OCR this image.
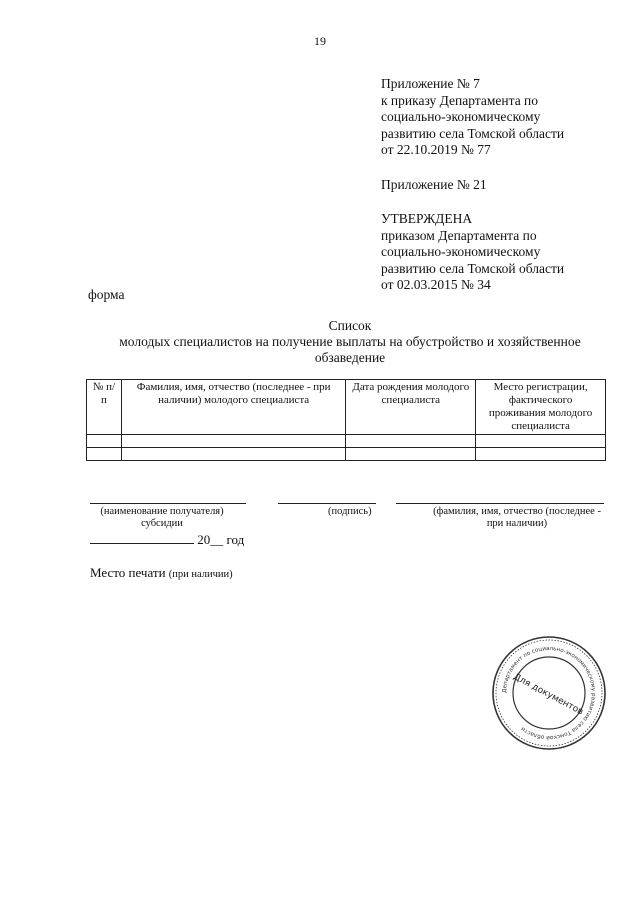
19
Приложение № 7
к приказу Департамента по
социально-экономическому
развитию села Томской области
от 22.10.2019 № 77
Приложение № 21
УТВЕРЖДЕНА
приказом Департамента по
социально-экономическому
развитию села Томской области
от 02.03.2015 № 34
форма
Список
молодых специалистов на получение выплаты на обустройство и хозяйственное обзаведение
№ п/п	Фамилия, имя, отчество (последнее - при наличии) молодого специалиста	Дата рождения молодого специалиста	Место регистрации, фактического проживания молодого специалиста

(наименование получателя) субсидии
(подпись)	(фамилия, имя, отчество (последнее - при наличии)
20__ год
Место печати (при наличии)
Департамент по социально-экономическому развитию села Томской области
Для документов
